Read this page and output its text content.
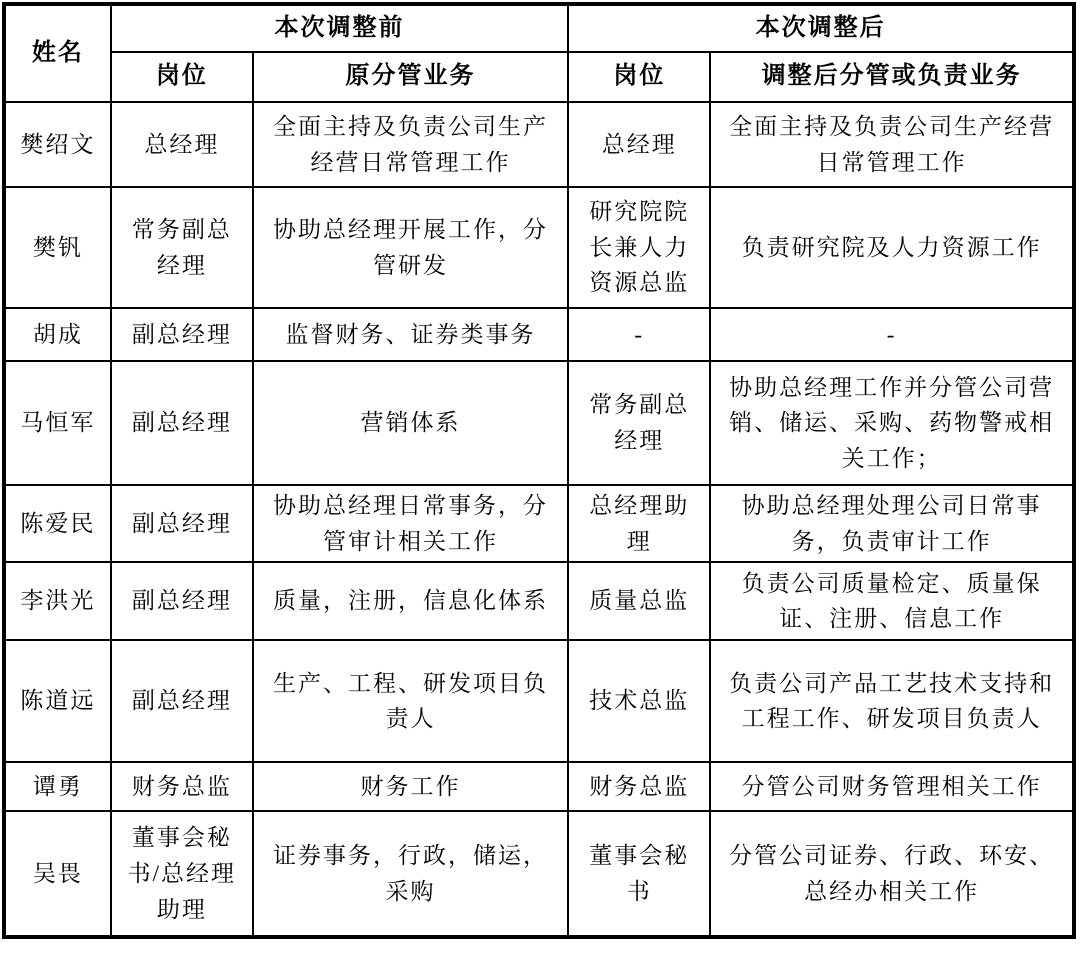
姓名	本次调整前		本次调整后	
	岗位	原分管业务	岗位	调整后分管或负责业务
樊绍文	总经理	全面主持及负责公司生产经营日常管理工作	总经理	全面主持及负责公司生产经营日常管理工作
樊钒	常务副总经理	协助总经理开展工作，分管研发	研究院院长兼人力资源总监	负责研究院及人力资源工作
胡成	副总经理	监督财务、证券类事务	-	-
马恒军	副总经理	营销体系	常务副总经理	协助总经理工作并分管公司营销、储运、采购、药物警戒相关工作；
陈爱民	副总经理	协助总经理日常事务，分管审计相关工作	总经理助理	协助总经理处理公司日常事务，负责审计工作
李洪光	副总经理	质量，注册，信息化体系	质量总监	负责公司质量检定、质量保证、注册、信息工作
陈道远	副总经理	生产、工程、研发项目负责人	技术总监	负责公司产品工艺技术支持和工程工作、研发项目负责人
谭勇	财务总监	财务工作	财务总监	分管公司财务管理相关工作
吴畏	董事会秘书/总经理助理	证券事务，行政，储运，采购	董事会秘书	分管公司证券、行政、环安、总经办相关工作
